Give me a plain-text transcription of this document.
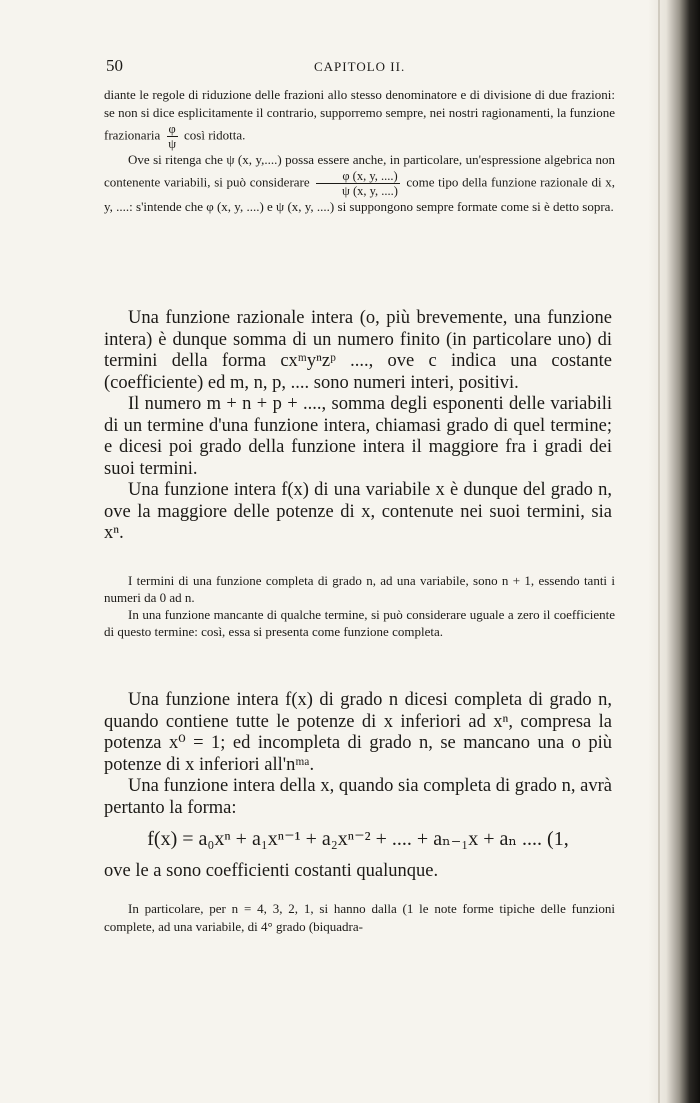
50	CAPITOLO II.

diante le regole di riduzione delle frazioni allo stesso denominatore e di divisione di due frazioni: se non si dice esplicitamente il contrario, supporremo sempre, nei nostri ragionamenti, la funzione frazionaria $\frac{\varphi}{\psi}$ così ridotta.

Ove si ritenga che ψ (x, y,....) possa essere anche, in particolare, un'espressione algebrica non contenente variabili, si può considerare $\frac{\varphi (x, y, ....)}{\psi (x, y, ....)}$ come tipo della funzione razionale di x, y, ....: s'intende che φ (x, y, ....) e ψ (x, y, ....) si suppongono sempre formate come si è detto sopra.

Una funzione razionale intera (o, più brevemente, una funzione intera) è dunque somma di un numero finito (in particolare uno) di termini della forma cxᵐyⁿzᵖ ...., ove c indica una costante (coefficiente) ed m, n, p, .... sono numeri interi, positivi.

Il numero m + n + p + ...., somma degli esponenti delle variabili di un termine d'una funzione intera, chiamasi grado di quel termine; e dicesi poi grado della funzione intera il maggiore fra i gradi dei suoi termini.

Una funzione intera f(x) di una variabile x è dunque del grado n, ove la maggiore delle potenze di x, contenute nei suoi termini, sia xⁿ.

I termini di una funzione completa di grado n, ad una variabile, sono n + 1, essendo tanti i numeri da 0 ad n.

In una funzione mancante di qualche termine, si può considerare uguale a zero il coefficiente di questo termine: così, essa si presenta come funzione completa.

Una funzione intera f(x) di grado n dicesi completa di grado n, quando contiene tutte le potenze di x inferiori ad xⁿ, compresa la potenza x⁰ = 1; ed incompleta di grado n, se mancano una o più potenze di x inferiori all'nᵐᵃ.

Una funzione intera della x, quando sia completa di grado n, avrà pertanto la forma:

f(x) = a₀xⁿ + a₁xⁿ⁻¹ + a₂xⁿ⁻² + .... + aₙ₋₁x + aₙ .... (1,

ove le a sono coefficienti costanti qualunque.

In particolare, per n = 4, 3, 2, 1, si hanno dalla (1 le note forme tipiche delle funzioni complete, ad una variabile, di 4° grado (biquadra-
